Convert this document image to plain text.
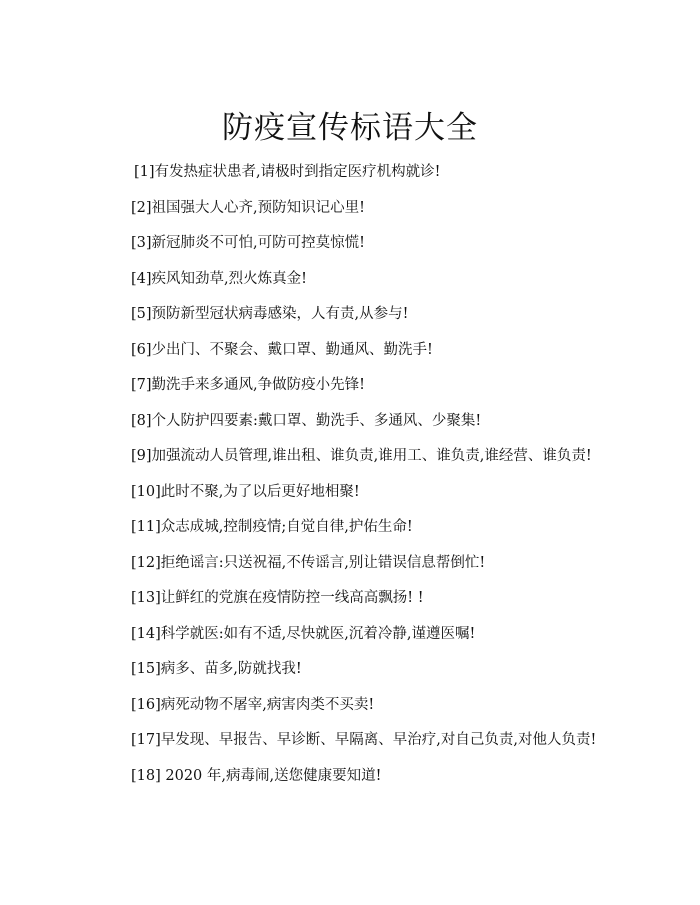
防疫宣传标语大全
[1]有发热症状患者,请极时到指定医疗机构就诊!
[2]祖国强大人心齐,预防知识记心里!
[3]新冠肺炎不可怕,可防可控莫惊慌!
[4]疾风知劲草,烈火炼真金!
[5]预防新型冠状病毒感染，人有责,从参与!
[6]少出门、不聚会、戴口罩、勤通风、勤洗手!
[7]勤洗手来多通风,争做防疫小先锋!
[8]个人防护四要素:戴口罩、勤洗手、多通风、少聚集!
[9]加强流动人员管理,谁出租、谁负责,谁用工、谁负责,谁经营、谁负责!
[10]此时不聚,为了以后更好地相聚!
[11]众志成城,控制疫情;自觉自律,护佑生命!
[12]拒绝谣言:只送祝福,不传谣言,别让错误信息帮倒忙!
[13]让鲜红的党旗在疫情防控一线高高飘扬! !
[14]科学就医:如有不适,尽快就医,沉着冷静,谨遵医嘱!
[15]病多、苗多,防就找我!
[16]病死动物不屠宰,病害肉类不买卖!
[17]早发现、早报告、早诊断、早隔离、早治疗,对自己负责,对他人负责!
[18] 2020 年,病毒闹,送您健康要知道!
